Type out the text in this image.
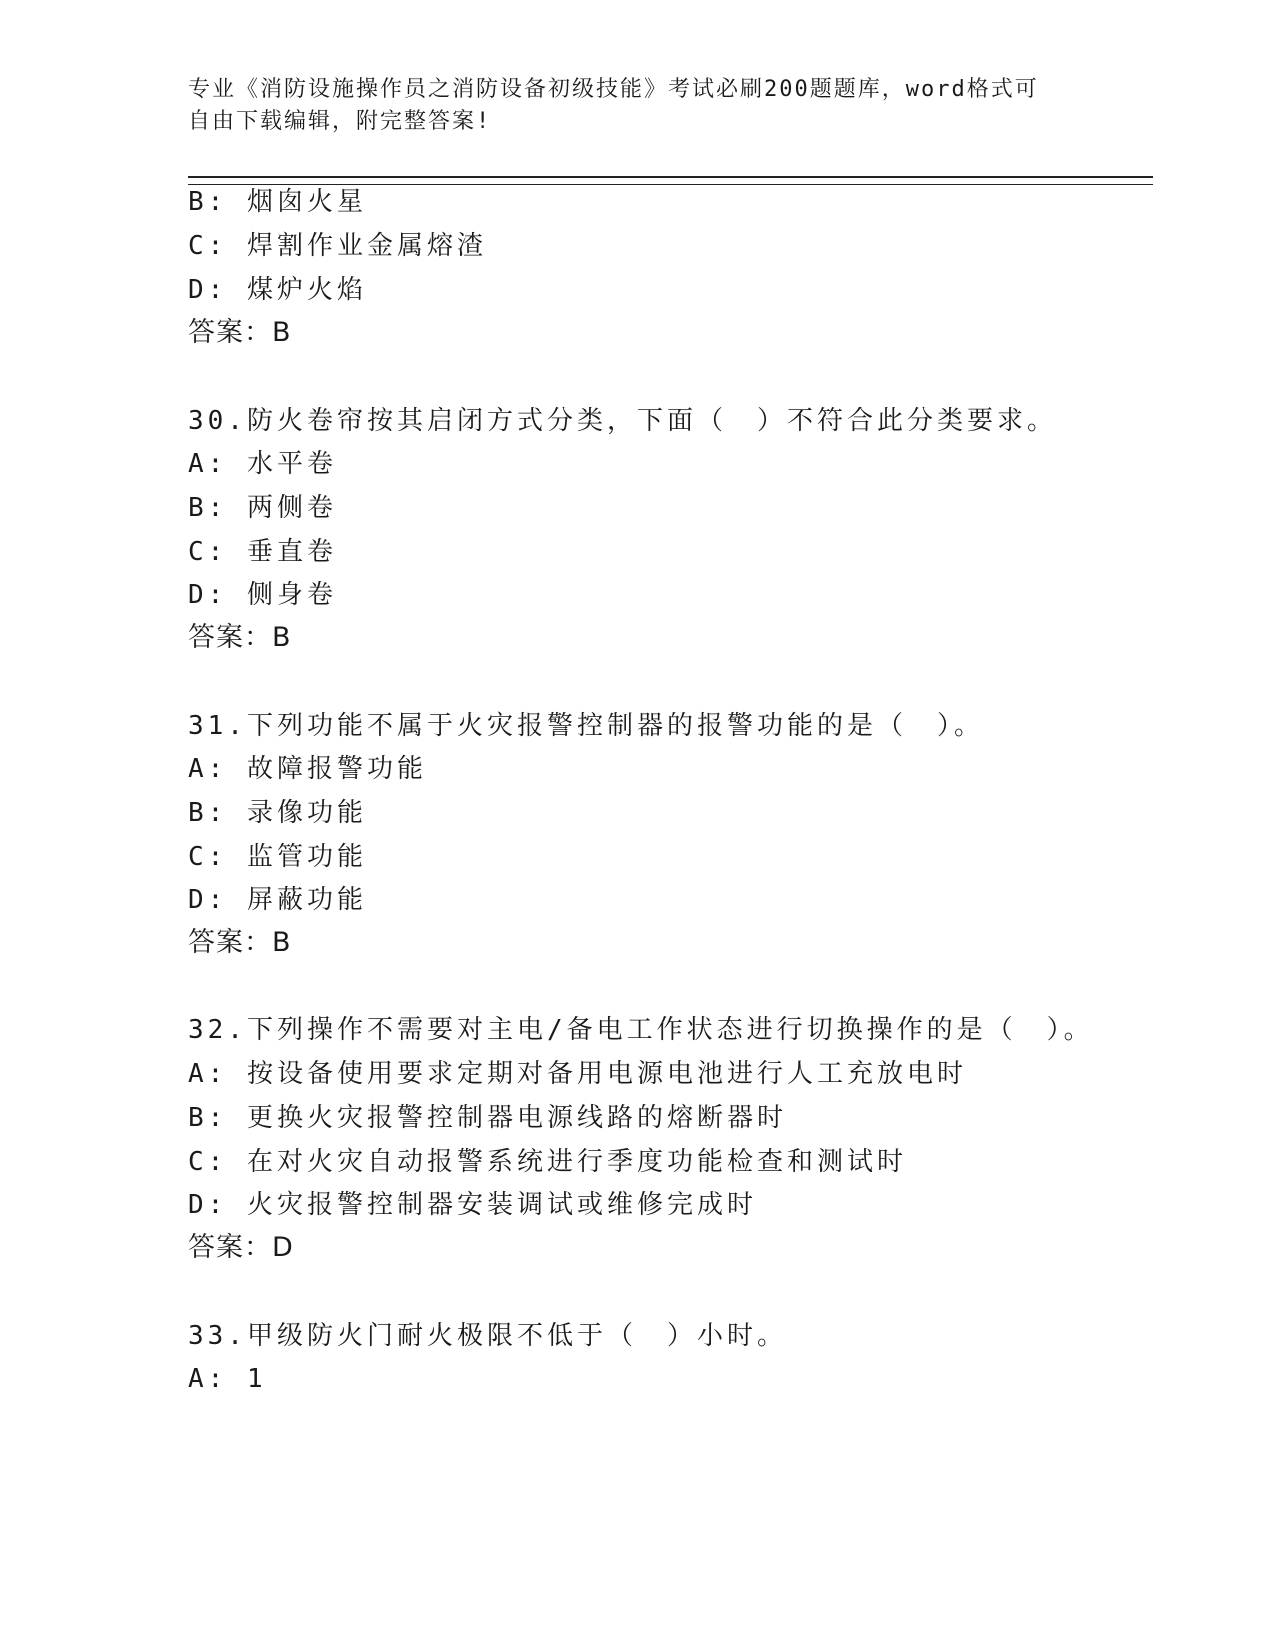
专业《消防设施操作员之消防设备初级技能》考试必刷200题题库，word格式可
自由下载编辑，附完整答案!
B: 烟囱火星
C: 焊割作业金属熔渣
D: 煤炉火焰
答案：B
30.防火卷帘按其启闭方式分类，下面（　）不符合此分类要求。
A: 水平卷
B: 两侧卷
C: 垂直卷
D: 侧身卷
答案：B
31.下列功能不属于火灾报警控制器的报警功能的是（　）。
A: 故障报警功能
B: 录像功能
C: 监管功能
D: 屏蔽功能
答案：B
32.下列操作不需要对主电/备电工作状态进行切换操作的是（　）。
A: 按设备使用要求定期对备用电源电池进行人工充放电时
B: 更换火灾报警控制器电源线路的熔断器时
C: 在对火灾自动报警系统进行季度功能检查和测试时
D: 火灾报警控制器安装调试或维修完成时
答案：D
33.甲级防火门耐火极限不低于（　）小时。
A: 1
